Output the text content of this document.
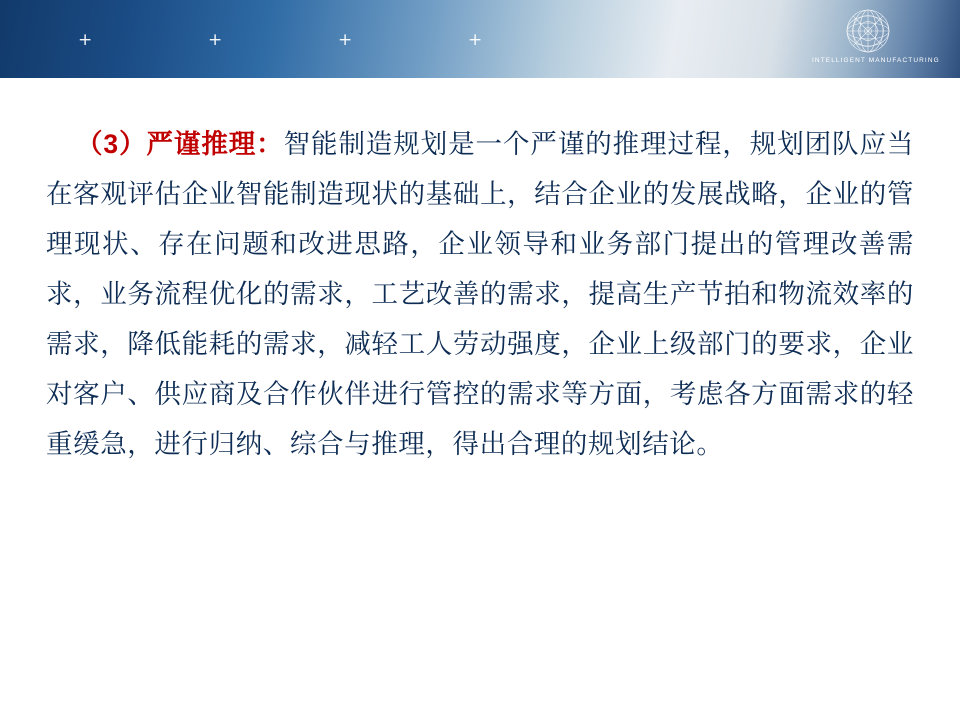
+	+	+	+
INTELLIGENT MANUFACTURING

（3）严谨推理：智能制造规划是一个严谨的推理过程，规划团队应当在客观评估企业智能制造现状的基础上，结合企业的发展战略，企业的管理现状、存在问题和改进思路，企业领导和业务部门提出的管理改善需求，业务流程优化的需求，工艺改善的需求，提高生产节拍和物流效率的需求，降低能耗的需求，减轻工人劳动强度，企业上级部门的要求，企业对客户、供应商及合作伙伴进行管控的需求等方面，考虑各方面需求的轻重缓急，进行归纳、综合与推理，得出合理的规划结论。
